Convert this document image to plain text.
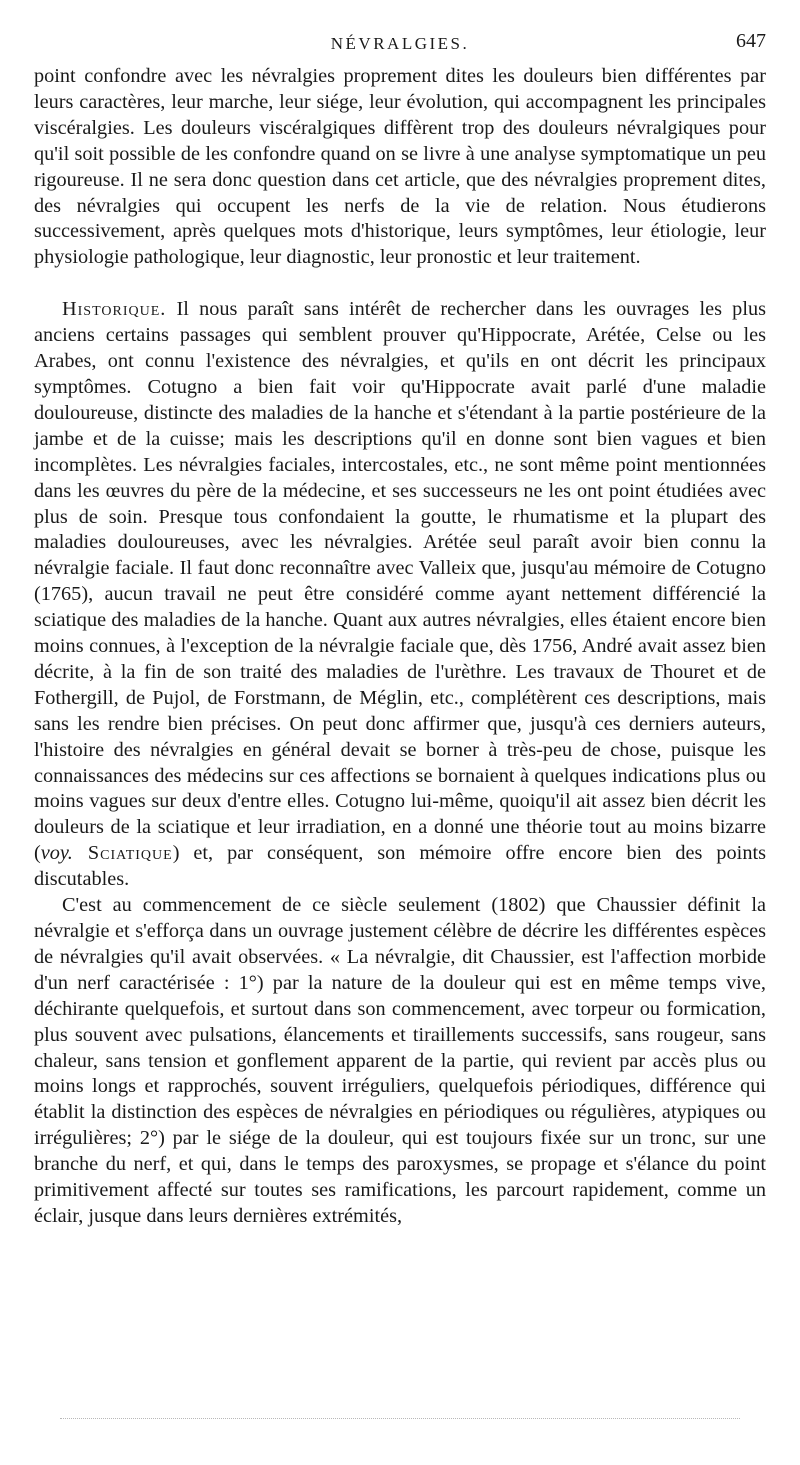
NÉVRALGIES.	647

point confondre avec les névralgies proprement dites les douleurs bien différentes par leurs caractères, leur marche, leur siége, leur évolution, qui accompagnent les principales viscéralgies. Les douleurs viscéralgiques diffèrent trop des douleurs névralgiques pour qu'il soit possible de les confondre quand on se livre à une analyse symptomatique un peu rigoureuse. Il ne sera donc question dans cet article, que des névralgies proprement dites, des névralgies qui occupent les nerfs de la vie de relation. Nous étudierons successivement, après quelques mots d'historique, leurs symptômes, leur étiologie, leur physiologie pathologique, leur diagnostic, leur pronostic et leur traitement.

Historique. Il nous paraît sans intérêt de rechercher dans les ouvrages les plus anciens certains passages qui semblent prouver qu'Hippocrate, Arétée, Celse ou les Arabes, ont connu l'existence des névralgies, et qu'ils en ont décrit les principaux symptômes. Cotugno a bien fait voir qu'Hippocrate avait parlé d'une maladie douloureuse, distincte des maladies de la hanche et s'étendant à la partie postérieure de la jambe et de la cuisse; mais les descriptions qu'il en donne sont bien vagues et bien incomplètes. Les névralgies faciales, intercostales, etc., ne sont même point mentionnées dans les œuvres du père de la médecine, et ses successeurs ne les ont point étudiées avec plus de soin. Presque tous confondaient la goutte, le rhumatisme et la plupart des maladies douloureuses, avec les névralgies. Arétée seul paraît avoir bien connu la névralgie faciale. Il faut donc reconnaître avec Valleix que, jusqu'au mémoire de Cotugno (1765), aucun travail ne peut être considéré comme ayant nettement différencié la sciatique des maladies de la hanche. Quant aux autres névralgies, elles étaient encore bien moins connues, à l'exception de la névralgie faciale que, dès 1756, André avait assez bien décrite, à la fin de son traité des maladies de l'urèthre. Les travaux de Thouret et de Fothergill, de Pujol, de Forstmann, de Méglin, etc., complétèrent ces descriptions, mais sans les rendre bien précises. On peut donc affirmer que, jusqu'à ces derniers auteurs, l'histoire des névralgies en général devait se borner à très-peu de chose, puisque les connaissances des médecins sur ces affections se bornaient à quelques indications plus ou moins vagues sur deux d'entre elles. Cotugno lui-même, quoiqu'il ait assez bien décrit les douleurs de la sciatique et leur irradiation, en a donné une théorie tout au moins bizarre (voy. Sciatique) et, par conséquent, son mémoire offre encore bien des points discutables.

C'est au commencement de ce siècle seulement (1802) que Chaussier définit la névralgie et s'efforça dans un ouvrage justement célèbre de décrire les différentes espèces de névralgies qu'il avait observées. « La névralgie, dit Chaussier, est l'affection morbide d'un nerf caractérisée : 1°) par la nature de la douleur qui est en même temps vive, déchirante quelquefois, et surtout dans son commencement, avec torpeur ou formication, plus souvent avec pulsations, élancements et tiraillements successifs, sans rougeur, sans chaleur, sans tension et gonflement apparent de la partie, qui revient par accès plus ou moins longs et rapprochés, souvent irréguliers, quelquefois périodiques, différence qui établit la distinction des espèces de névralgies en périodiques ou régulières, atypiques ou irrégulières; 2°) par le siége de la douleur, qui est toujours fixée sur un tronc, sur une branche du nerf, et qui, dans le temps des paroxysmes, se propage et s'élance du point primitivement affecté sur toutes ses ramifications, les parcourt rapidement, comme un éclair, jusque dans leurs dernières extrémités,
